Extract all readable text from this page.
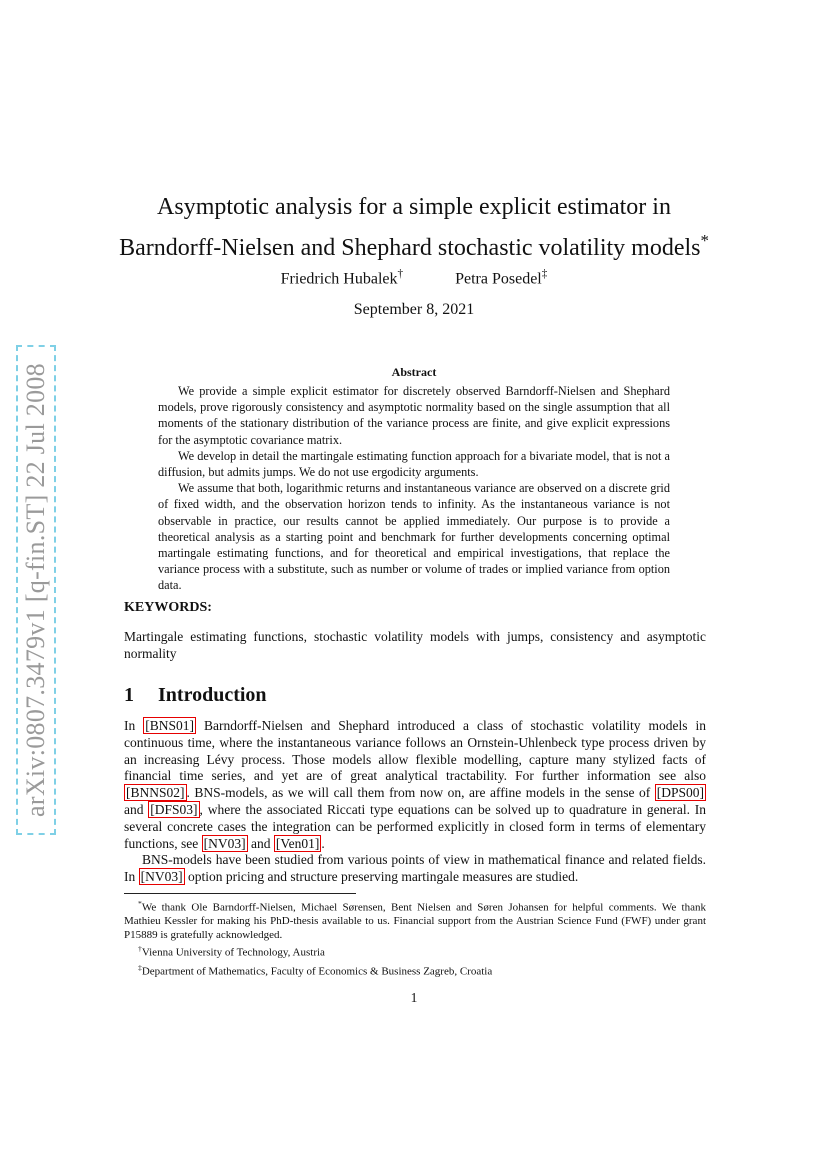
arXiv:0807.3479v1 [q-fin.ST] 22 Jul 2008
Asymptotic analysis for a simple explicit estimator in
Barndorff-Nielsen and Shephard stochastic volatility models*
Friedrich Hubalek†	Petra Posedel‡
September 8, 2021
Abstract

We provide a simple explicit estimator for discretely observed Barndorff-Nielsen and Shephard models, prove rigorously consistency and asymptotic normality based on the single assumption that all moments of the stationary distribution of the variance process are finite, and give explicit expressions for the asymptotic covariance matrix.

We develop in detail the martingale estimating function approach for a bivariate model, that is not a diffusion, but admits jumps. We do not use ergodicity arguments.

We assume that both, logarithmic returns and instantaneous variance are observed on a discrete grid of fixed width, and the observation horizon tends to infinity. As the instantaneous variance is not observable in practice, our results cannot be applied immediately. Our purpose is to provide a theoretical analysis as a starting point and benchmark for further developments concerning optimal martingale estimating functions, and for theoretical and empirical investigations, that replace the variance process with a substitute, such as number or volume of trades or implied variance from option data.

KEYWORDS:
Martingale estimating functions, stochastic volatility models with jumps, consistency and asymptotic normality
1 Introduction

In [BNS01] Barndorff-Nielsen and Shephard introduced a class of stochastic volatility models in continuous time, where the instantaneous variance follows an Ornstein-Uhlenbeck type process driven by an increasing Lévy process. Those models allow flexible modelling, capture many stylized facts of financial time series, and yet are of great analytical tractability. For further information see also [BNNS02] . BNS-models, as we will call them from now on, are affine models in the sense of [DPS00] and [DFS03] , where the associated Riccati type equations can be solved up to quadrature in general. In several concrete cases the integration can be performed explicitly in closed form in terms of elementary functions, see [NV03] and [Ven01] .

BNS-models have been studied from various points of view in mathematical finance and related fields. In [NV03] option pricing and structure preserving martingale measures are studied.

*We thank Ole Barndorff-Nielsen, Michael Sørensen, Bent Nielsen and Søren Johansen for helpful comments. We thank Mathieu Kessler for making his PhD-thesis available to us. Financial support from the Austrian Science Fund (FWF) under grant P15889 is gratefully acknowledged.

†Vienna University of Technology, Austria

‡Department of Mathematics, Faculty of Economics & Business Zagreb, Croatia

1
